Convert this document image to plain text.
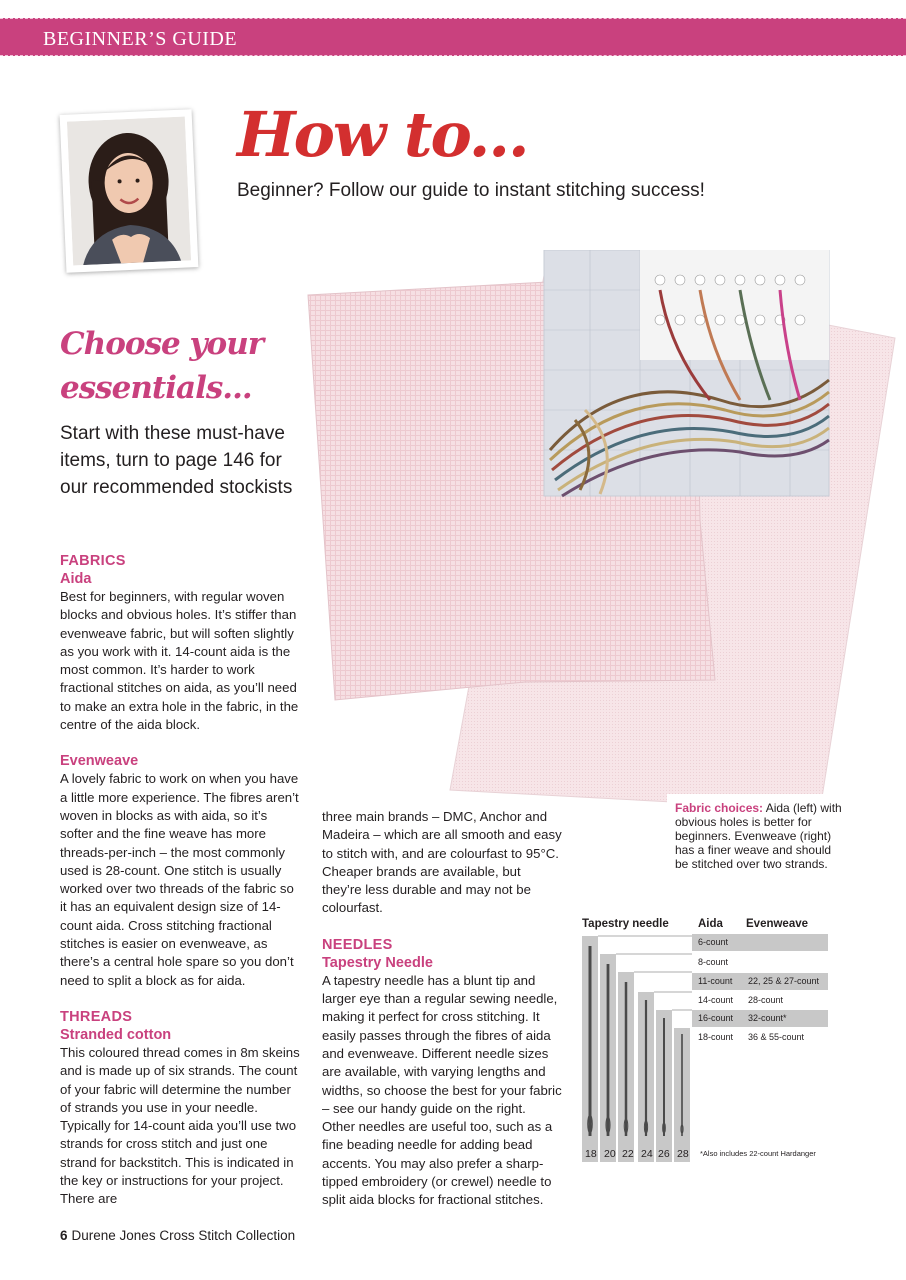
BEGINNER’S GUIDE
How to...
Beginner? Follow our guide to instant stitching success!
Choose your
essentials...
Start with these must-have items, turn to page 146 for our recommended stockists
Fabric choices: Aida (left) with obvious holes is better for beginners. Evenweave (right) has a finer weave and should be stitched over two strands.

FABRICS

Aida

Best for beginners, with regular woven blocks and obvious holes. It’s stiffer than evenweave fabric, but will soften slightly as you work with it. 14-count aida is the most common. It’s harder to work fractional stitches on aida, as you’ll need to make an extra hole in the fabric, in the centre of the aida block.

Evenweave

A lovely fabric to work on when you have a little more experience. The fibres aren’t woven in blocks as with aida, so it’s softer and the fine weave has more threads-per-inch – the most commonly used is 28-count. One stitch is usually worked over two threads of the fabric so it has an equivalent design size of 14-count aida. Cross stitching fractional stitches is easier on evenweave, as there’s a central hole spare so you don’t need to split a block as for aida.

THREADS

Stranded cotton

This coloured thread comes in 8m skeins and is made up of six strands. The count of your fabric will determine the number of strands you use in your needle. Typically for 14-count aida you’ll use two strands for cross stitch and just one strand for backstitch. This is indicated in the key or instructions for your project. There are

three main brands – DMC, Anchor and Madeira – which are all smooth and easy to stitch with, and are colourfast to 95°C. Cheaper brands are available, but they’re less durable and may not be colourfast.

NEEDLES

Tapestry Needle

A tapestry needle has a blunt tip and larger eye than a regular sewing needle, making it perfect for cross stitching. It easily passes through the fibres of aida and evenweave. Different needle sizes are available, with varying lengths and widths, so choose the best for your fabric – see our handy guide on the right. Other needles are useful too, such as a fine beading needle for adding bead accents. You may also prefer a sharp-tipped embroidery (or crewel) needle to split aida blocks for fractional stitches.

Tapestry needle	Aida Evenweave
6-count
8-count
11-count 22, 25 & 27-count
14-count 28-count
16-count 32-count*
18-count 36 & 55-count
18 20 22 24 26 28 *Also includes 22-count Hardanger
6 Durene Jones Cross Stitch Collection
